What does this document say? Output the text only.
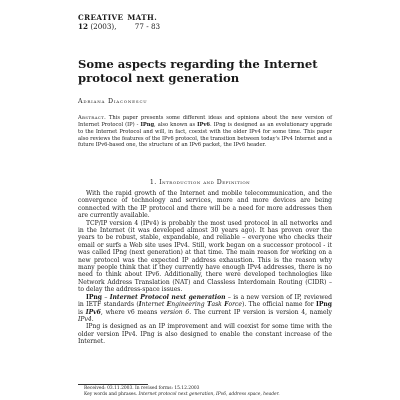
CREATIVE MATH.
12 (2003),	77 - 83
Some aspects regarding the Internet
protocol next generation
Adriana Diaconescu
Abstract. This paper presents some different ideas and opinions about the new version of Internet Protocol (IP) - IPng, also known as IPv6. IPng is designed as an evolutionary upgrade to the Internet Protocol and will, in fact, coexist with the older IPv4 for some time. This paper also reviews the features of the IPv6 protocol, the transition between today's IPv4 Internet and a future IPv6-based one, the structure of an IPv6 packet, the IPv6 header.
1. Introduction and Definition

With the rapid growth of the Internet and mobile telecommunication, and the convergence of technology and services, more and more devices are being connected with the IP protocol and there will be a need for more addresses then are currently available.

TCP/IP version 4 (IPv4) is probably the most used protocol in all networks and in the Internet (it was developed almost 30 years ago). It has proven over the years to be robust, stable, expandable, and reliable – everyone who checks their email or surfs a Web site uses IPv4. Still, work began on a successor protocol - it was called IPng (next generation) at that time. The main reason for working on a new protocol was the expected IP address exhaustion. This is the reason why many people think that if they currently have enough IPv4 addresses, there is no need to think about IPv6. Additionally, there were developed technologies like Network Address Translation (NAT) and Classless Interdomain Routing (CIDR) – to delay the address-space issues.

IPng – Internet Protocol next generation – is a new version of IP, reviewed in IETF standards (Internet Engineering Task Force). The official name for IPng is IPv6, where v6 means version 6. The current IP version is version 4, namely IPv4.

IPng is designed as an IP improvement and will coexist for some time with the older version IPv4. IPng is also designed to enable the constant increase of the Internet.

Received: 03.11.2003. In revised forms: 15.12.2003
Key words and phrases. Internet protocol next generation, IPv6, address space, header.
